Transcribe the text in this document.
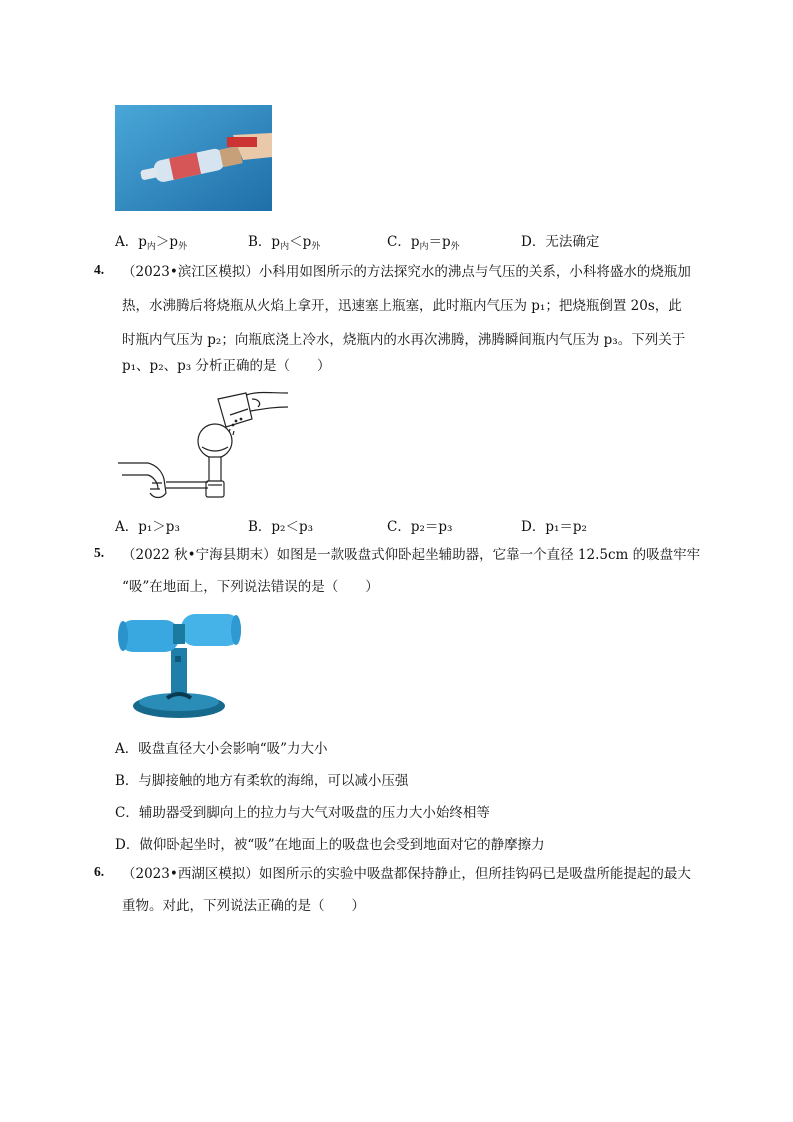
A．$p_内>p_外$	B．$p_内<p_外$	C．$p_内=p_外$	D．无法确定
4. （2023•滨江区模拟）小科用如图所示的方法探究水的沸点与气压的关系，小科将盛水的烧瓶加
热，水沸腾后将烧瓶从火焰上拿开，迅速塞上瓶塞，此时瓶内气压为 p₁；把烧瓶倒置 20s，此
时瓶内气压为 p₂；向瓶底浇上冷水，烧瓶内的水再次沸腾，沸腾瞬间瓶内气压为 p₃。下列关于
p₁、p₂、p₃ 分析正确的是（　　）
A．p₁＞p₃	B．p₂＜p₃	C．p₂＝p₃	D．p₁＝p₂
5. （2022 秋•宁海县期末）如图是一款吸盘式仰卧起坐辅助器，它靠一个直径 12.5cm 的吸盘牢牢
“吸”在地面上，下列说法错误的是（　　）
A．吸盘直径大小会影响“吸”力大小
B．与脚接触的地方有柔软的海绵，可以减小压强
C．辅助器受到脚向上的拉力与大气对吸盘的压力大小始终相等
D．做仰卧起坐时，被“吸”在地面上的吸盘也会受到地面对它的静摩擦力
6. （2023•西湖区模拟）如图所示的实验中吸盘都保持静止，但所挂钩码已是吸盘所能提起的最大
重物。对此，下列说法正确的是（　　）
